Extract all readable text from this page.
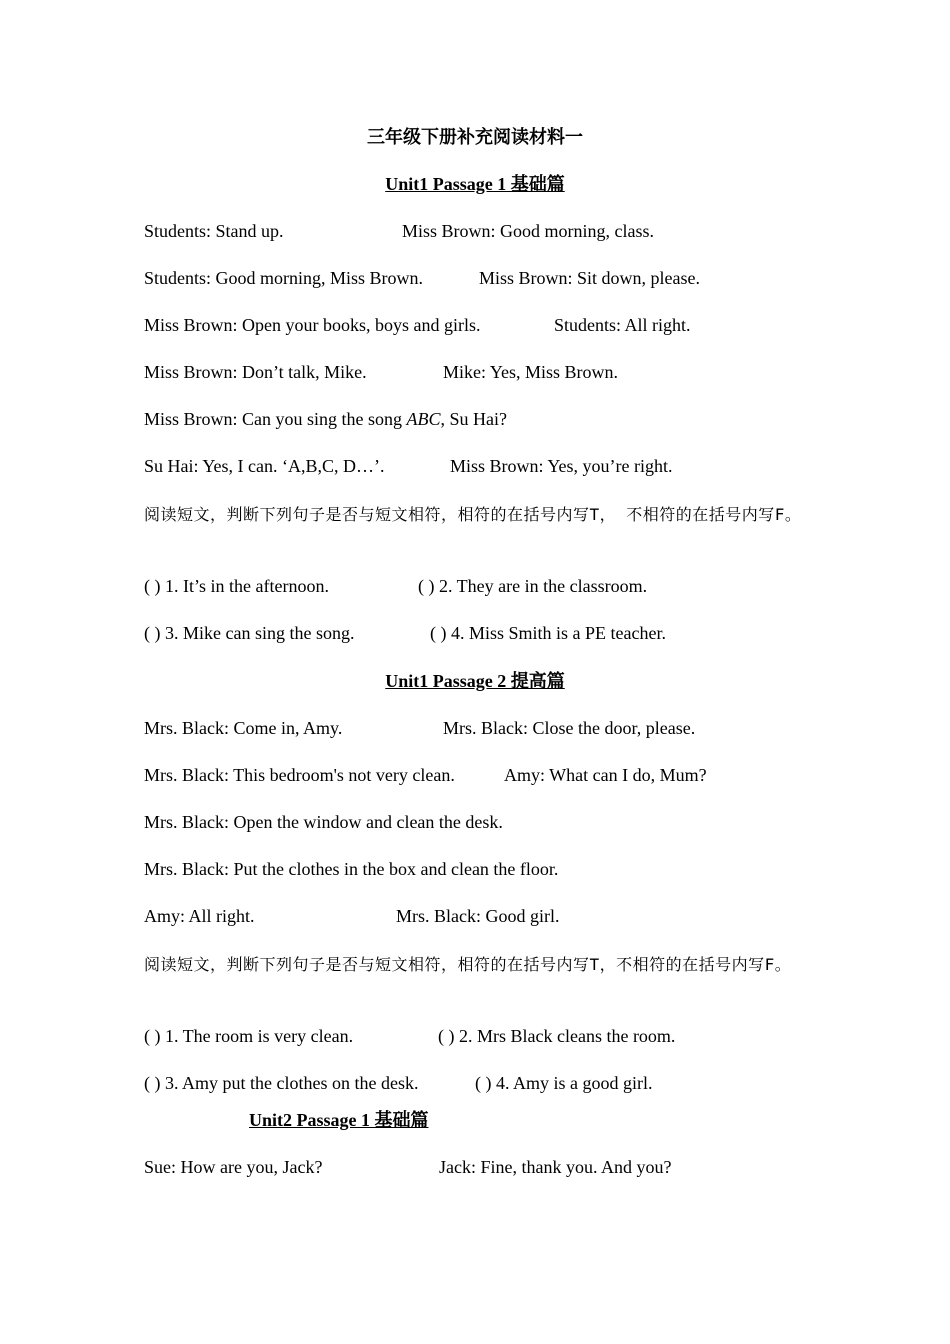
三年级下册补充阅读材料一
Unit1 Passage 1 基础篇
Students: Stand up.	Miss Brown: Good morning, class.
Students: Good morning, Miss Brown.	Miss Brown: Sit down, please.
Miss Brown: Open your books, boys and girls.	Students: All right.
Miss Brown: Don’t talk, Mike.	Mike: Yes, Miss Brown.
Miss Brown: Can you sing the song ABC, Su Hai?
Su Hai: Yes, I can. ‘A,B,C, D…’.	Miss Brown: Yes, you’re right.
阅读短文，判断下列句子是否与短文相符，相符的在括号内写T， 不相符的在括号内写F。
( ) 1. It’s in the afternoon.	( ) 2. They are in the classroom.
( ) 3. Mike can sing the song.	( ) 4. Miss Smith is a PE teacher.
Unit1 Passage 2 提高篇
Mrs. Black: Come in, Amy.	Mrs. Black: Close the door, please.
Mrs. Black: This bedroom's not very clean.	Amy: What can I do, Mum?
Mrs. Black: Open the window and clean the desk.
Mrs. Black: Put the clothes in the box and clean the floor.
Amy: All right.	Mrs. Black: Good girl.
阅读短文，判断下列句子是否与短文相符，相符的在括号内写T，不相符的在括号内写F。
( ) 1. The room is very clean.	( ) 2. Mrs Black cleans the room.
( ) 3. Amy put the clothes on the desk.	( ) 4. Amy is a good girl.
Unit2 Passage 1 基础篇
Sue: How are you, Jack?	Jack: Fine, thank you. And you?
